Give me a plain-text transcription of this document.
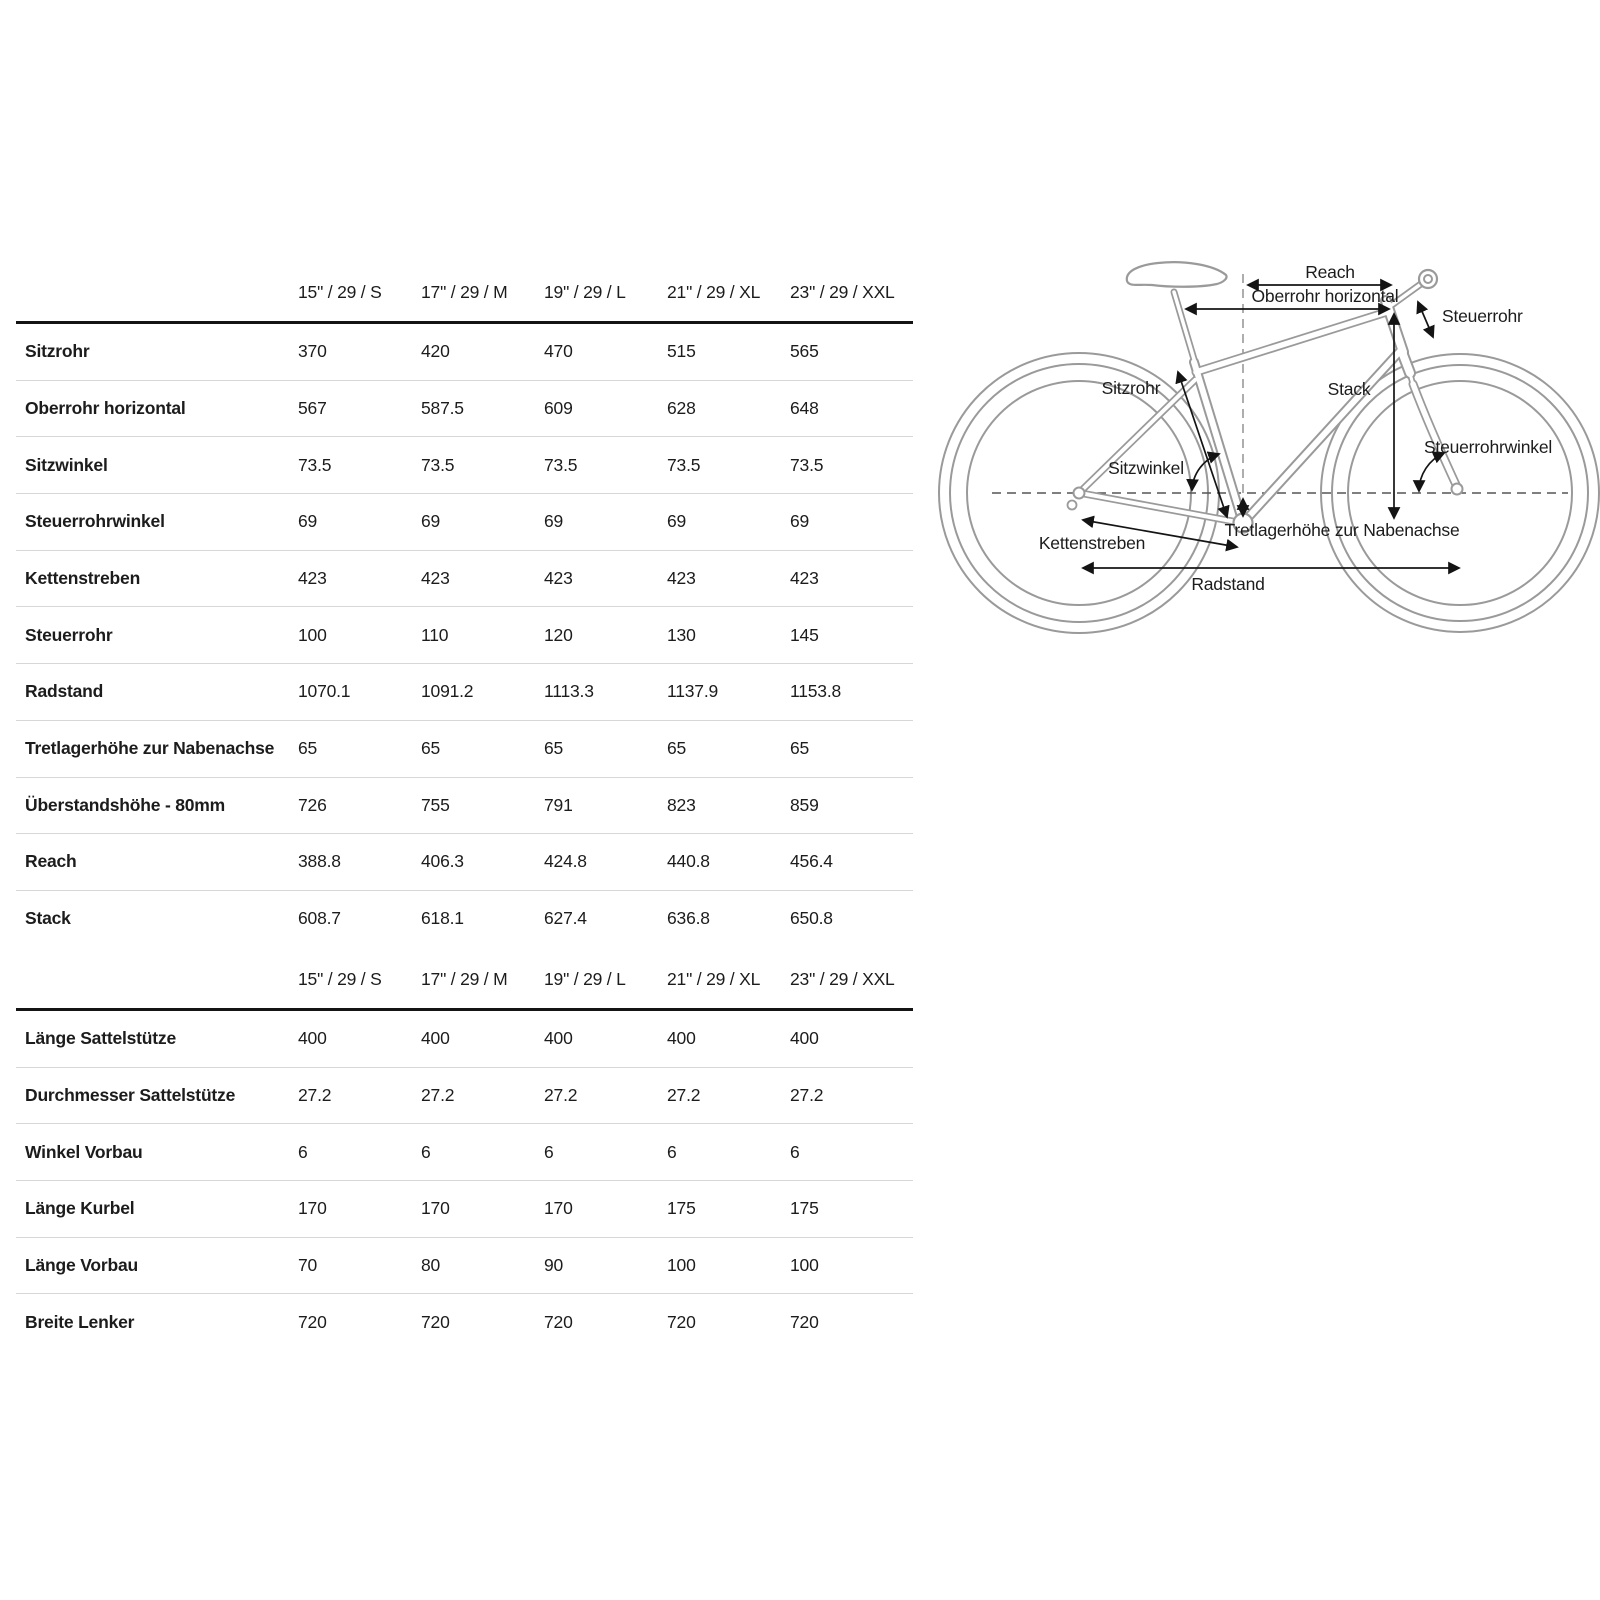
15" / 29 / S	17" / 29 / M	19" / 29 / L	21" / 29 / XL	23" / 29 / XXL
Sitzrohr	370	420	470	515	565
Oberrohr horizontal	567	587.5	609	628	648
Sitzwinkel	73.5	73.5	73.5	73.5	73.5
Steuerrohrwinkel	69	69	69	69	69
Kettenstreben	423	423	423	423	423
Steuerrohr	100	110	120	130	145
Radstand	1070.1	1091.2	1113.3	1137.9	1153.8
Tretlagerhöhe zur Nabenachse	65	65	65	65	65
Überstandshöhe - 80mm	726	755	791	823	859
Reach	388.8	406.3	424.8	440.8	456.4
Stack	608.7	618.1	627.4	636.8	650.8
15" / 29 / S	17" / 29 / M	19" / 29 / L	21" / 29 / XL	23" / 29 / XXL
Länge Sattelstütze	400	400	400	400	400
Durchmesser Sattelstütze	27.2	27.2	27.2	27.2	27.2
Winkel Vorbau	6	6	6	6	6
Länge Kurbel	170	170	170	175	175
Länge Vorbau	70	80	90	100	100
Breite Lenker	720	720	720	720	720
Reach
Oberrohr horizontal
Steuerrohr
Sitzrohr	Stack
Sitzwinkel
Steuerrohrwinkel
Kettenstreben
Tretlagerhöhe zur Nabenachse
Radstand
